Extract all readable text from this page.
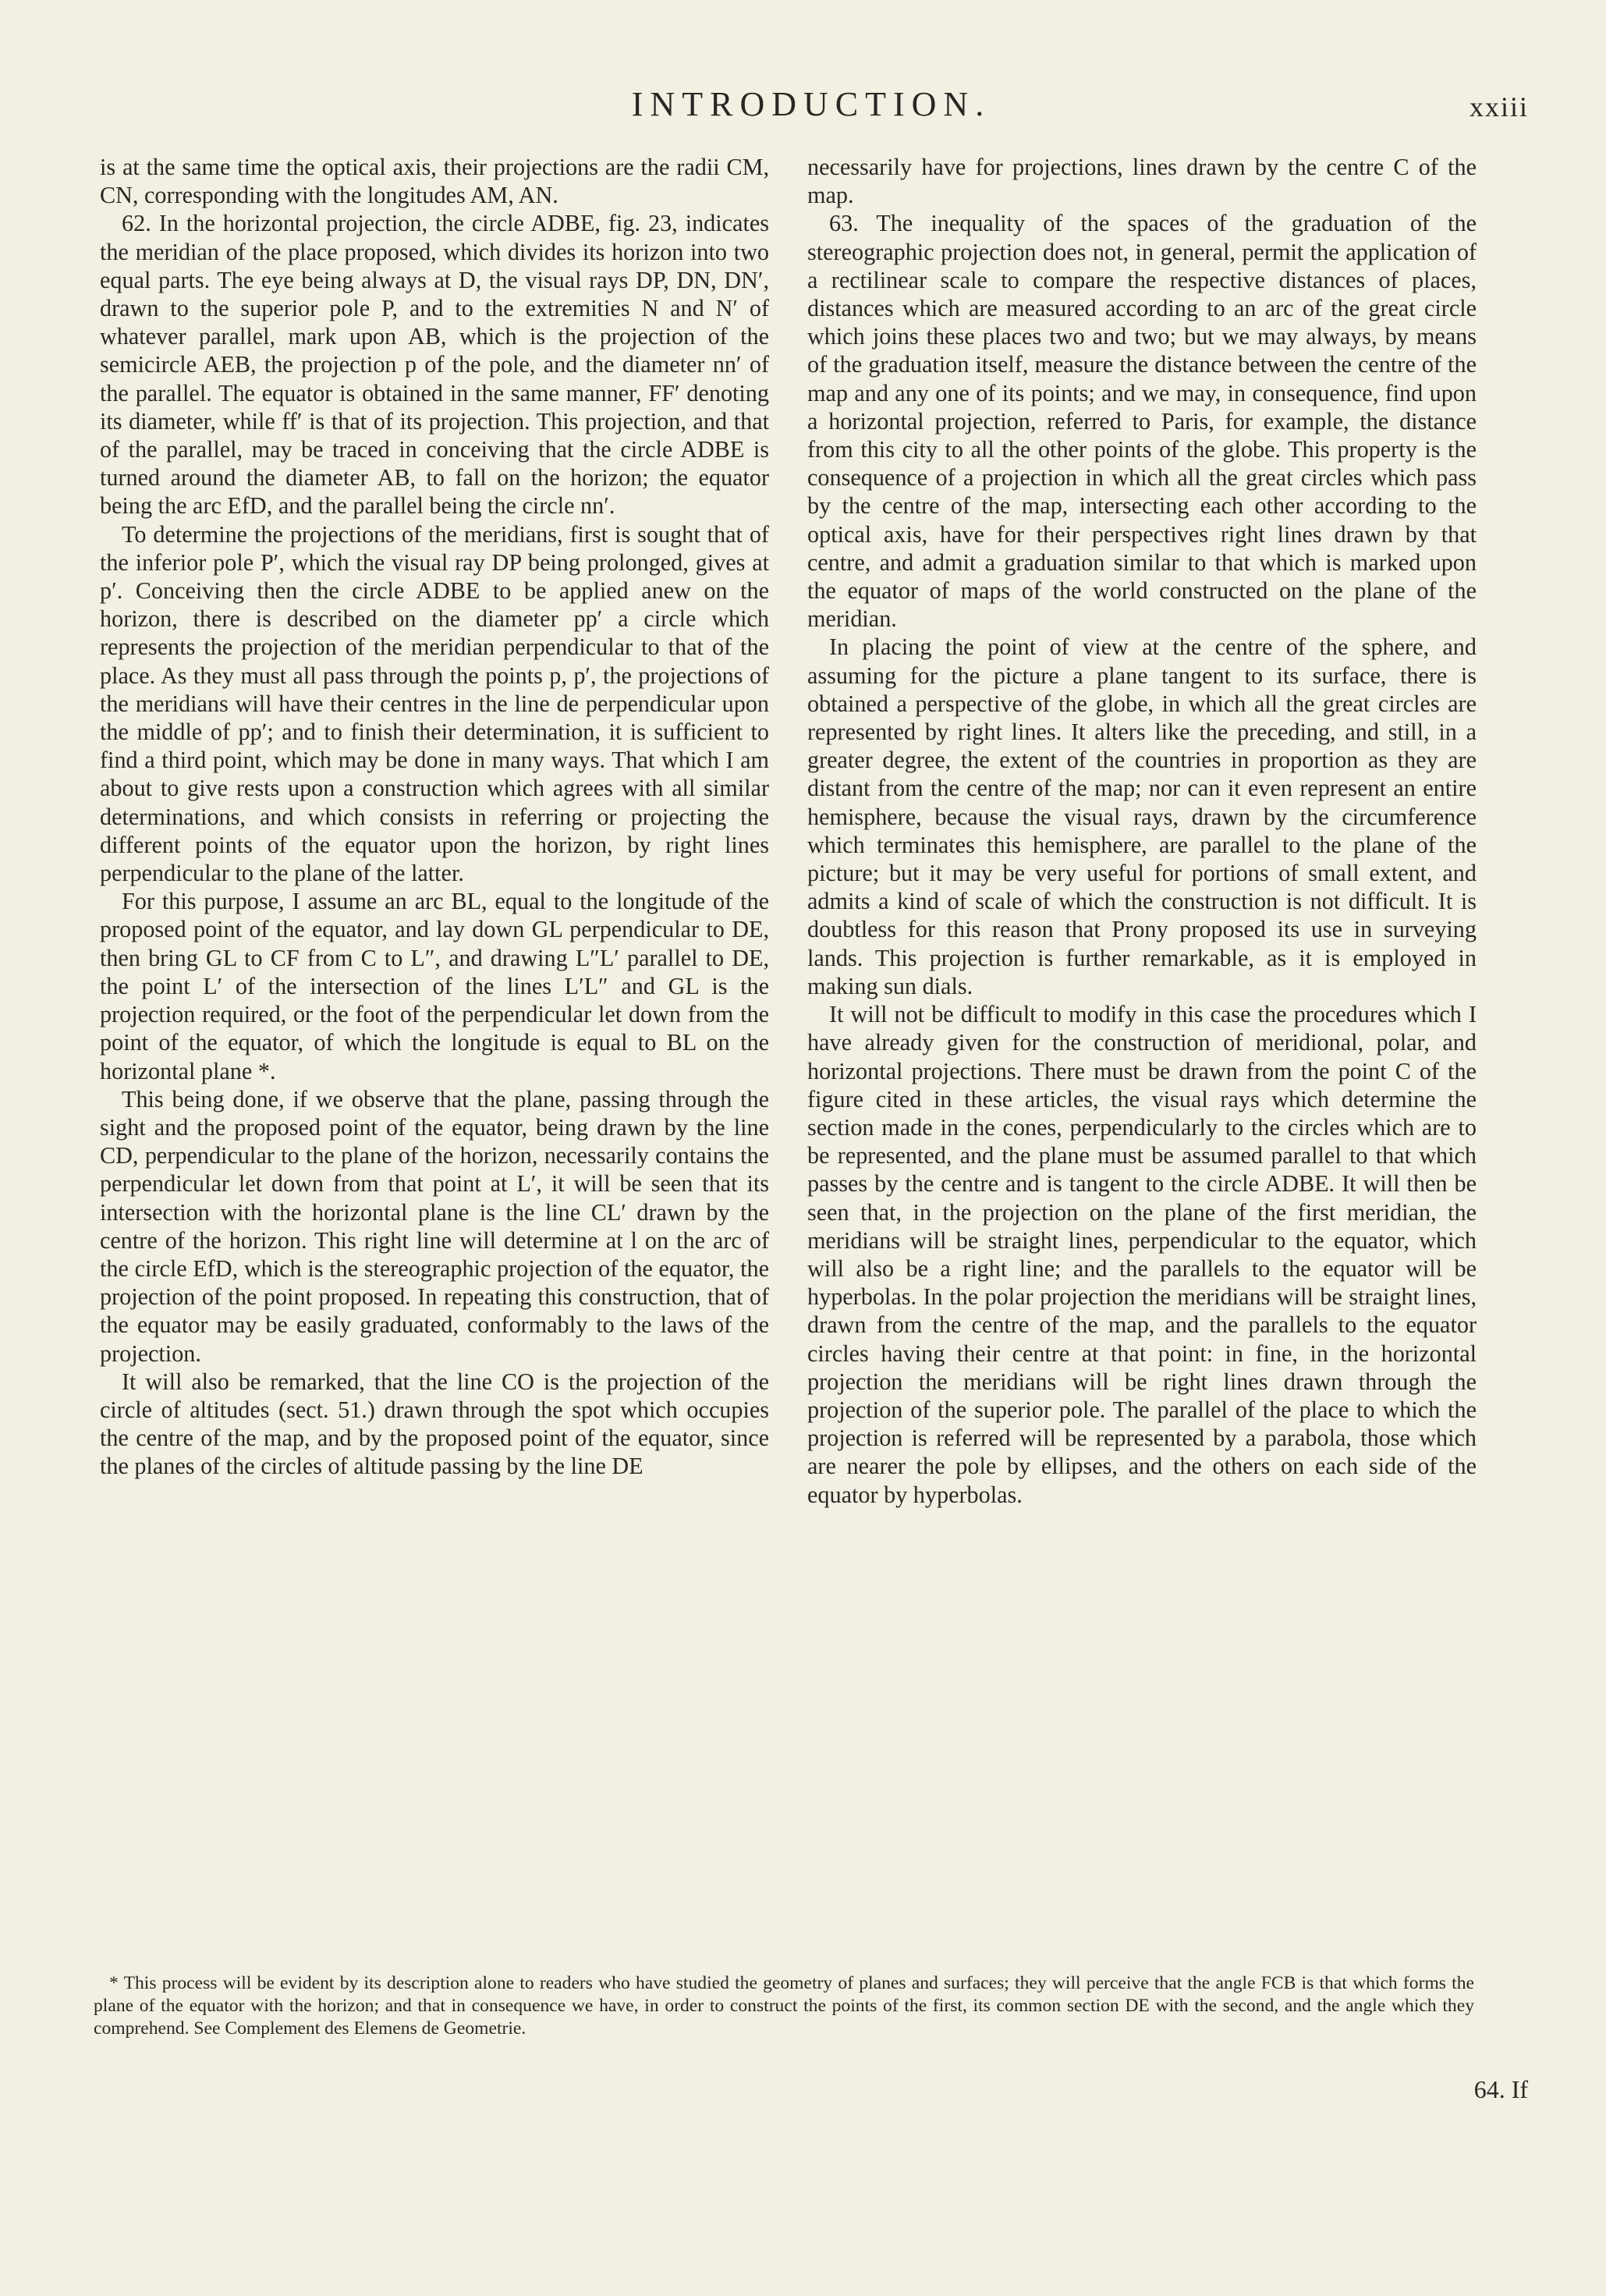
INTRODUCTION.	xxiii

is at the same time the optical axis, their projections are the radii CM, CN, corresponding with the longitudes AM, AN.

62. In the horizontal projection, the circle ADBE, fig. 23, indicates the meridian of the place proposed, which divides its horizon into two equal parts. The eye being always at D, the visual rays DP, DN, DN′, drawn to the superior pole P, and to the extremities N and N′ of whatever parallel, mark upon AB, which is the projection of the semicircle AEB, the projection p of the pole, and the diameter nn′ of the parallel. The equator is obtained in the same manner, FF′ denoting its diameter, while ff′ is that of its projection. This projection, and that of the parallel, may be traced in conceiving that the circle ADBE is turned around the diameter AB, to fall on the horizon; the equator being the arc EfD, and the parallel being the circle nn′.

To determine the projections of the meridians, first is sought that of the inferior pole P′, which the visual ray DP being prolonged, gives at p′. Conceiving then the circle ADBE to be applied anew on the horizon, there is described on the diameter pp′ a circle which represents the projection of the meridian perpendicular to that of the place. As they must all pass through the points p, p′, the projections of the meridians will have their centres in the line de perpendicular upon the middle of pp′; and to finish their determination, it is sufficient to find a third point, which may be done in many ways. That which I am about to give rests upon a construction which agrees with all similar determinations, and which consists in referring or projecting the different points of the equator upon the horizon, by right lines perpendicular to the plane of the latter.

For this purpose, I assume an arc BL, equal to the longitude of the proposed point of the equator, and lay down GL perpendicular to DE, then bring GL to CF from C to L″, and drawing L″L′ parallel to DE, the point L′ of the intersection of the lines L′L″ and GL is the projection required, or the foot of the perpendicular let down from the point of the equator, of which the longitude is equal to BL on the horizontal plane *.

This being done, if we observe that the plane, passing through the sight and the proposed point of the equator, being drawn by the line CD, perpendicular to the plane of the horizon, necessarily contains the perpendicular let down from that point at L′, it will be seen that its intersection with the horizontal plane is the line CL′ drawn by the centre of the horizon. This right line will determine at l on the arc of the circle EfD, which is the stereographic projection of the equator, the projection of the point proposed. In repeating this construction, that of the equator may be easily graduated, conformably to the laws of the projection.

It will also be remarked, that the line CO is the projection of the circle of altitudes (sect. 51.) drawn through the spot which occupies the centre of the map, and by the proposed point of the equator, since the planes of the circles of altitude passing by the line DE

necessarily have for projections, lines drawn by the centre C of the map.

63. The inequality of the spaces of the graduation of the stereographic projection does not, in general, permit the application of a rectilinear scale to compare the respective distances of places, distances which are measured according to an arc of the great circle which joins these places two and two; but we may always, by means of the graduation itself, measure the distance between the centre of the map and any one of its points; and we may, in consequence, find upon a horizontal projection, referred to Paris, for example, the distance from this city to all the other points of the globe. This property is the consequence of a projection in which all the great circles which pass by the centre of the map, intersecting each other according to the optical axis, have for their perspectives right lines drawn by that centre, and admit a graduation similar to that which is marked upon the equator of maps of the world constructed on the plane of the meridian.

In placing the point of view at the centre of the sphere, and assuming for the picture a plane tangent to its surface, there is obtained a perspective of the globe, in which all the great circles are represented by right lines. It alters like the preceding, and still, in a greater degree, the extent of the countries in proportion as they are distant from the centre of the map; nor can it even represent an entire hemisphere, because the visual rays, drawn by the circumference which terminates this hemisphere, are parallel to the plane of the picture; but it may be very useful for portions of small extent, and admits a kind of scale of which the construction is not difficult. It is doubtless for this reason that Prony proposed its use in surveying lands. This projection is further remarkable, as it is employed in making sun dials.

It will not be difficult to modify in this case the procedures which I have already given for the construction of meridional, polar, and horizontal projections. There must be drawn from the point C of the figure cited in these articles, the visual rays which determine the section made in the cones, perpendicularly to the circles which are to be represented, and the plane must be assumed parallel to that which passes by the centre and is tangent to the circle ADBE. It will then be seen that, in the projection on the plane of the first meridian, the meridians will be straight lines, perpendicular to the equator, which will also be a right line; and the parallels to the equator will be hyperbolas. In the polar projection the meridians will be straight lines, drawn from the centre of the map, and the parallels to the equator circles having their centre at that point: in fine, in the horizontal projection the meridians will be right lines drawn through the projection of the superior pole. The parallel of the place to which the projection is referred will be represented by a parabola, those which are nearer the pole by ellipses, and the others on each side of the equator by hyperbolas.

* This process will be evident by its description alone to readers who have studied the geometry of planes and surfaces; they will perceive that the angle FCB is that which forms the plane of the equator with the horizon; and that in consequence we have, in order to construct the points of the first, its common section DE with the second, and the angle which they comprehend. See Complement des Elemens de Geometrie.
64. If
